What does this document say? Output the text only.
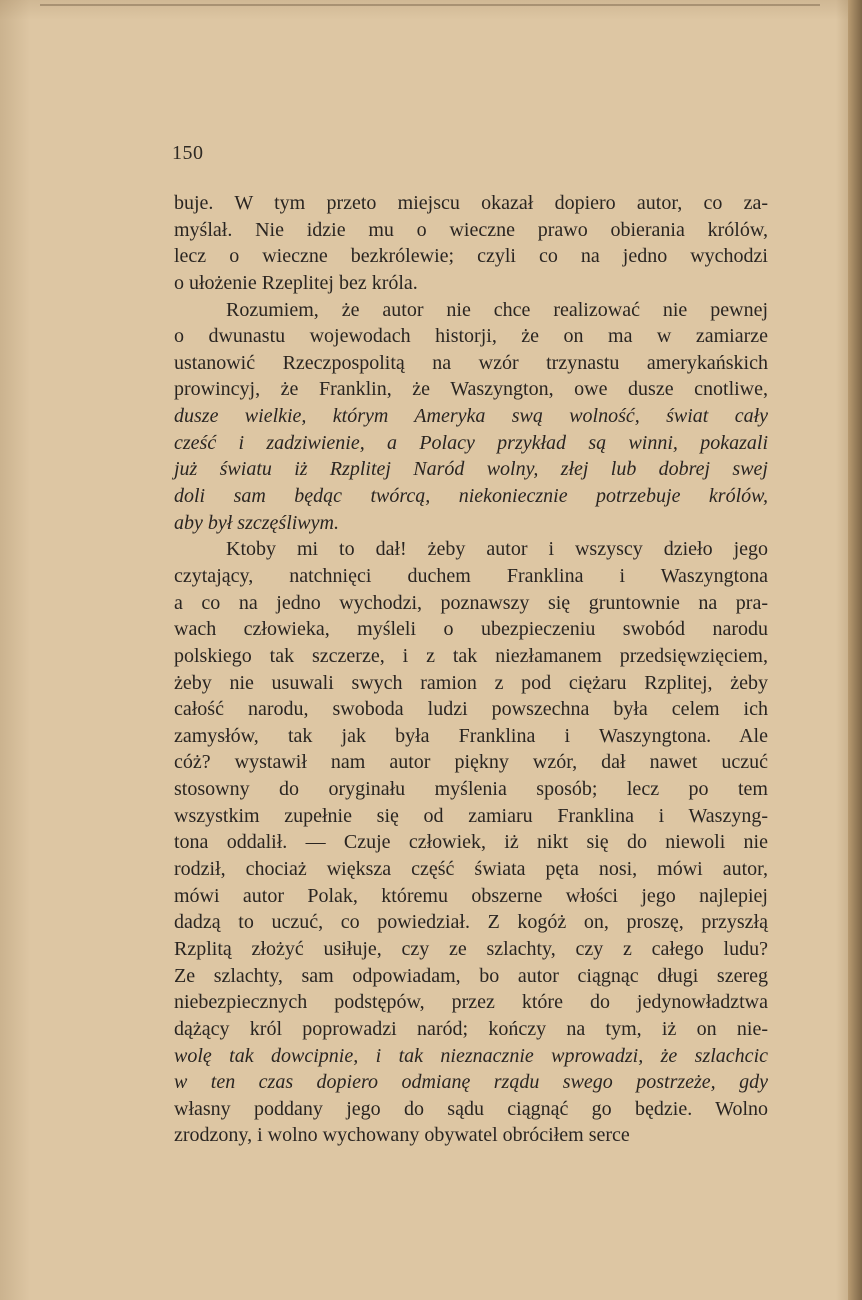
150
buje. W tym przeto miejscu okazał dopiero autor, co za-
myślał. Nie idzie mu o wieczne prawo obierania królów,
lecz o wieczne bezkrólewie; czyli co na jedno wychodzi
o ułożenie Rzeplitej bez króla.
Rozumiem, że autor nie chce realizować nie pewnej
o dwunastu wojewodach historji, że on ma w zamiarze
ustanowić Rzeczpospolitą na wzór trzynastu amerykańskich
prowincyj, że Franklin, że Waszyngton, owe dusze cnotliwe,
dusze wielkie, którym Ameryka swą wolność, świat cały
cześć i zadziwienie, a Polacy przykład są winni, pokazali
już światu iż Rzplitej Naród wolny, złej lub dobrej swej
doli sam będąc twórcą, niekoniecznie potrzebuje królów,
aby był szczęśliwym.
Ktoby mi to dał! żeby autor i wszyscy dzieło jego
czytający, natchnięci duchem Franklina i Waszyngtona
a co na jedno wychodzi, poznawszy się gruntownie na pra-
wach człowieka, myśleli o ubezpieczeniu swobód narodu
polskiego tak szczerze, i z tak niezłamanem przedsięwzięciem,
żeby nie usuwali swych ramion z pod ciężaru Rzplitej, żeby
całość narodu, swoboda ludzi powszechna była celem ich
zamysłów, tak jak była Franklina i Waszyngtona. Ale
cóż? wystawił nam autor piękny wzór, dał nawet uczuć
stosowny do oryginału myślenia sposób; lecz po tem
wszystkim zupełnie się od zamiaru Franklina i Waszyng-
tona oddalił. — Czuje człowiek, iż nikt się do niewoli nie
rodził, chociaż większa część świata pęta nosi, mówi autor,
mówi autor Polak, któremu obszerne włości jego najlepiej
dadzą to uczuć, co powiedział. Z kogóż on, proszę, przyszłą
Rzplitą złożyć usiłuje, czy ze szlachty, czy z całego ludu?
Ze szlachty, sam odpowiadam, bo autor ciągnąc długi szereg
niebezpiecznych podstępów, przez które do jedynowładztwa
dążący król poprowadzi naród; kończy na tym, iż on nie-
wolę tak dowcipnie, i tak nieznacznie wprowadzi, że szlachcic
w ten czas dopiero odmianę rządu swego postrzeże, gdy
własny poddany jego do sądu ciągnąć go będzie. Wolno
zrodzony, i wolno wychowany obywatel obróciłem serce
